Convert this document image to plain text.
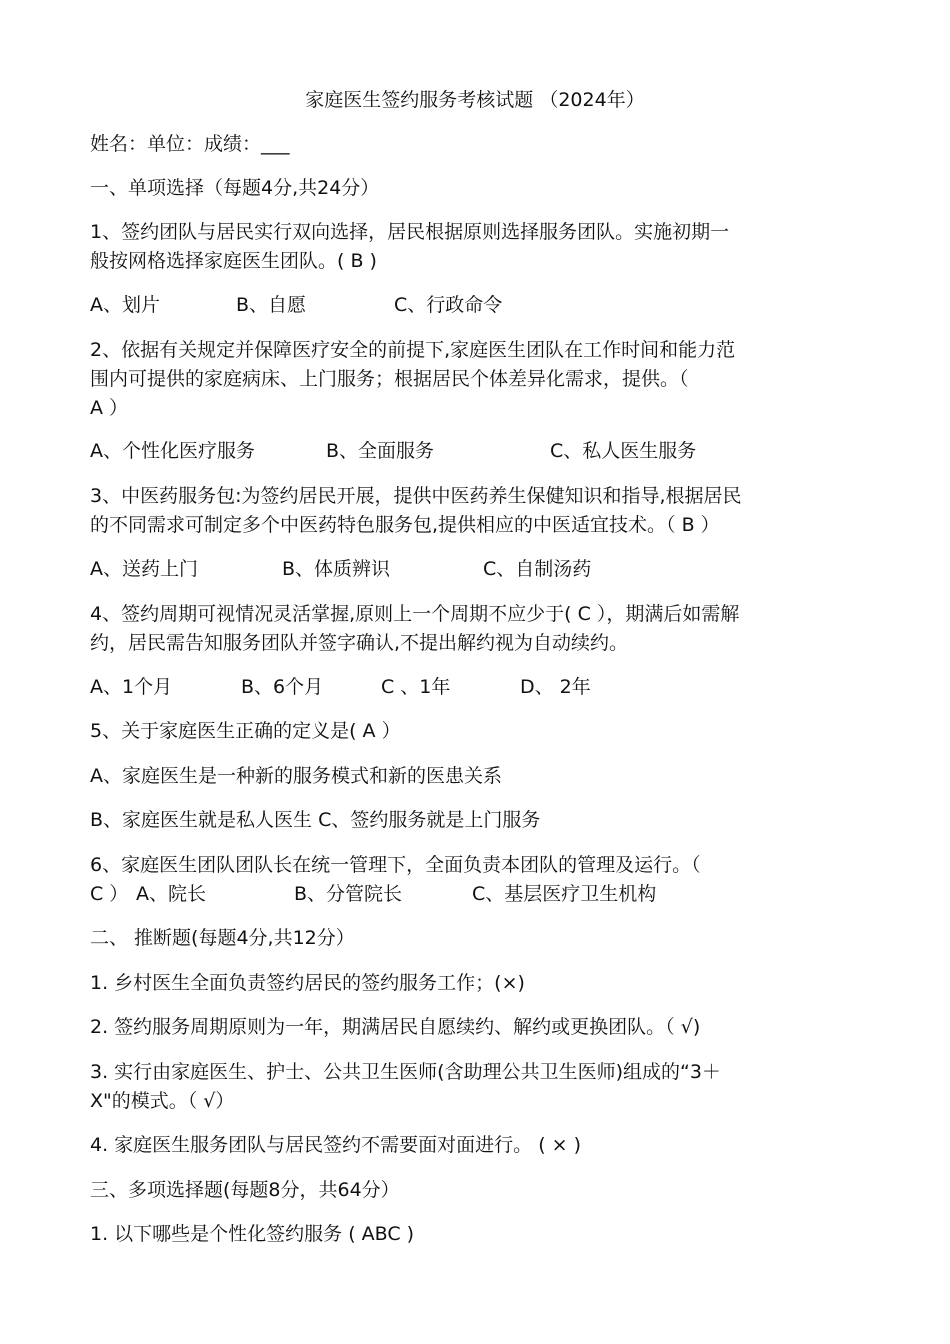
家庭医生签约服务考核试题 （2024年）
姓名：单位：成绩：___
一、单项选择（每题4分,共24分）
1、签约团队与居民实行双向选择，居民根据原则选择服务团队。实施初期一
般按网格选择家庭医生团队。( B )
A、划片	B、自愿	C、行政命令
2、依据有关规定并保障医疗安全的前提下,家庭医生团队在工作时间和能力范
围内可提供的家庭病床、上门服务；根据居民个体差异化需求，提供。（
A ）
A、个性化医疗服务	B、全面服务	C、私人医生服务
3、中医药服务包:为签约居民开展，提供中医药养生保健知识和指导,根据居民
的不同需求可制定多个中医药特色服务包,提供相应的中医适宜技术。（ B ）
A、送药上门	B、体质辨识	C、自制汤药
4、签约周期可视情况灵活掌握,原则上一个周期不应少于( C ），期满后如需解
约，居民需告知服务团队并签字确认,不提出解约视为自动续约。
A、1个月	B、6个月	C 、1年	D、 2年
5、关于家庭医生正确的定义是( A ）
A、家庭医生是一种新的服务模式和新的医患关系
B、家庭医生就是私人医生 C、签约服务就是上门服务
6、家庭医生团队团队长在统一管理下，全面负责本团队的管理及运行。（
C ） A、院长	B、分管院长	C、基层医疗卫生机构
二、 推断题(每题4分,共12分）
1. 乡村医生全面负责签约居民的签约服务工作；(×)
2. 签约服务周期原则为一年，期满居民自愿续约、解约或更换团队。（ √)
3. 实行由家庭医生、护士、公共卫生医师(含助理公共卫生医师)组成的“3＋
X"的模式。（ √）
4. 家庭医生服务团队与居民签约不需要面对面进行。 ( × )
三、多项选择题(每题8分，共64分）
1. 以下哪些是个性化签约服务 ( ABC )
